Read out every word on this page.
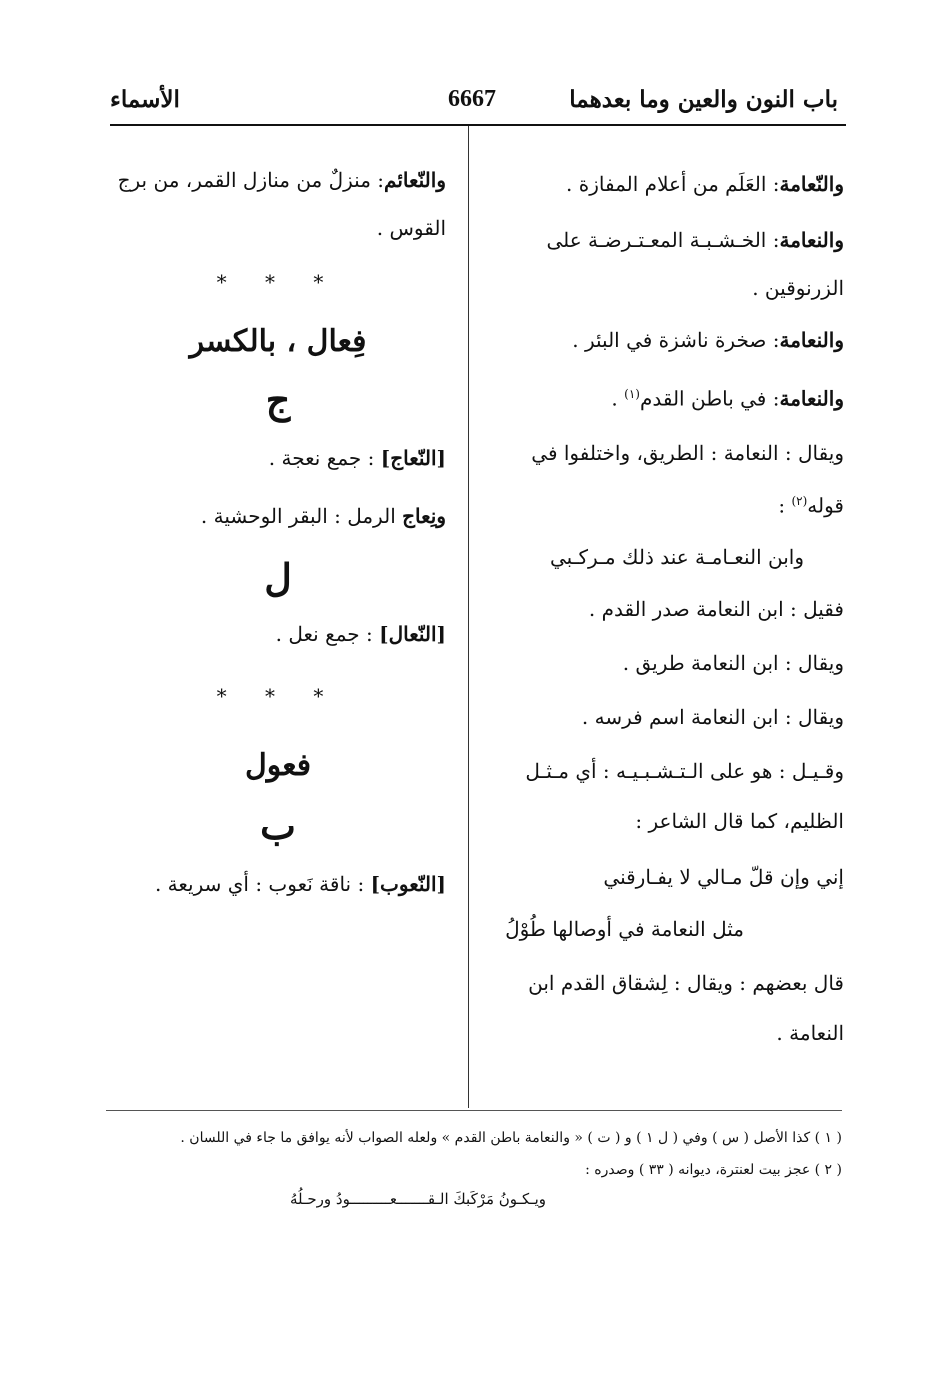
باب النون والعين وما بعدهما
6667
الأسماء

والنّعامة: العَلَم من أعلام المفازة .

والنعامة: الخـشـبـة المعـتـرضـة على

الزرنوقين .

والنعامة: صخرة ناشزة في البئر .

والنعامة: في باطن القدم$^{(١)}$ .

ويقال : النعامة : الطريق، واختلفوا في

قوله$^{(٢)}$ :

وابن النعـامـة عند ذلك مـركـبي

فقيل : ابن النعامة صدر القدم .

ويقال : ابن النعامة طريق .

ويقال : ابن النعامة اسم فرسه .

وقـيـل : هو على الـتـشـبـيـه : أي مـثـل

الظليم، كما قال الشاعر :

إني وإن قلّ مـالي لا يفـارقني

مثل النعامة في أوصالها طُوْلُ

قال بعضهم : ويقال : لِشقاق القدم ابن

النعامة .

والنّعائم: منزلٌ من منازل القمر، من برج

القوس .

* * *

فِعال ، بالكسر

ج

[النّعاج] : جمع نعجة .

ونِعاج الرمل : البقر الوحشية .

ل

[النّعال] : جمع نعل .

* * *

فعول

ب

[النّعوب] : ناقة نَعوب : أي سريعة .

( ١ ) كذا الأصل ( س ) وفي ( ل ١ ) و ( ت ) « والنعامة باطن القدم » ولعله الصواب لأنه يوافق ما جاء في اللسان .

( ٢ ) عجز بيت لعنترة، ديوانه ( ٣٣ ) وصدره :

ويـكـونُ مَرْكَبكَ الـقـــــــعـــــــــودُ ورحـلُهُ
